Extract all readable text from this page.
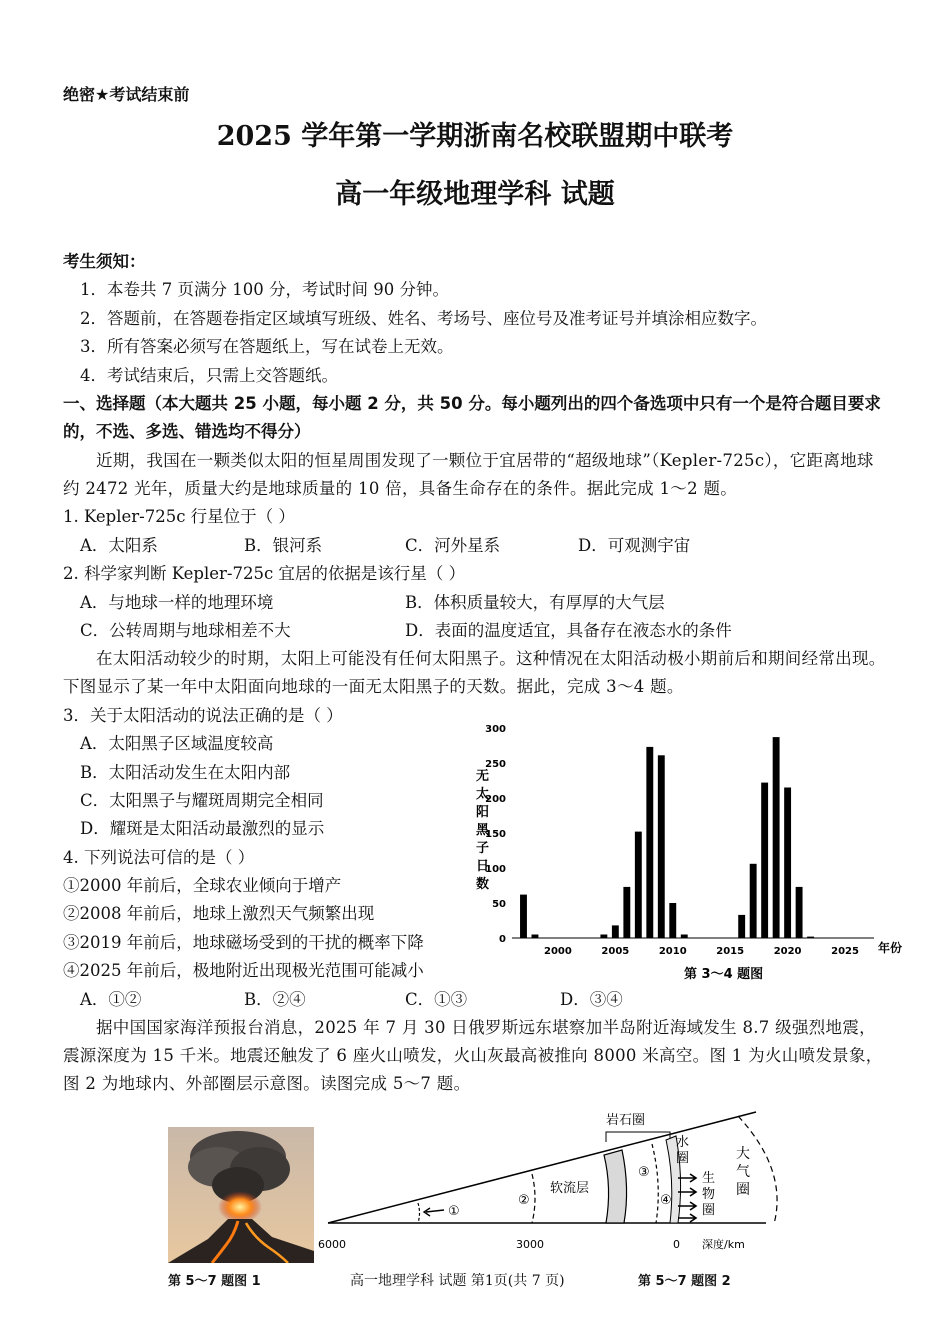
绝密★考试结束前
2025 学年第一学期浙南名校联盟期中联考
高一年级地理学科 试题
考生须知：
1．本卷共 7 页满分 100 分，考试时间 90 分钟。
2．答题前，在答题卷指定区域填写班级、姓名、考场号、座位号及准考证号并填涂相应数字。
3．所有答案必须写在答题纸上，写在试卷上无效。
4．考试结束后，只需上交答题纸。
一、选择题（本大题共 25 小题，每小题 2 分，共 50 分。每小题列出的四个备选项中只有一个是符合题目要求的，不选、多选、错选均不得分）
近期，我国在一颗类似太阳的恒星周围发现了一颗位于宜居带的“超级地球”（Kepler-725c），它距离地球约 2472 光年，质量大约是地球质量的 10 倍，具备生命存在的条件。据此完成 1～2 题。
1. Kepler-725c 行星位于（ ）
A．太阳系	B．银河系	C．河外星系	D．可观测宇宙
2. 科学家判断 Kepler-725c 宜居的依据是该行星（ ）
A．与地球一样的地理环境	B．体积质量较大，有厚厚的大气层
C．公转周期与地球相差不大	D．表面的温度适宜，具备存在液态水的条件
在太阳活动较少的时期，太阳上可能没有任何太阳黑子。这种情况在太阳活动极小期前后和期间经常出现。下图显示了某一年中太阳面向地球的一面无太阳黑子的天数。据此，完成 3～4 题。
3．关于太阳活动的说法正确的是（ ）
A．太阳黑子区域温度较高
B．太阳活动发生在太阳内部
C．太阳黑子与耀斑周期完全相同
D．耀斑是太阳活动最激烈的显示
4. 下列说法可信的是（ ）
①2000 年前后，全球农业倾向于增产
②2008 年前后，地球上激烈天气频繁出现
③2019 年前后，地球磁场受到的干扰的概率下降
④2025 年前后，极地附近出现极光范围可能减小
A．①②	B．②④	C．①③	D．③④
无
太
阳
黑
子
日
数
0
50
100
150
200
250
300
2000	2005	2010	2015	2020	2025 年份
第 3～4 题图
据中国国家海洋预报台消息，2025 年 7 月 30 日俄罗斯远东堪察加半岛附近海域发生 8.7 级强烈地震，震源深度为 15 千米。地震还触发了 6 座火山喷发，火山灰最高被推向 8000 米高空。图 1 为火山喷发景象，图 2 为地球内、外部圈层示意图。读图完成 5～7 题。
第 5～7 题图 1
岩石圈
软流层
水
圈
生
物
圈
大
气
圈
①
②
③
④
6000	3000	0 深度/km
第 5～7 题图 2
高一地理学科 试题 第1页(共 7 页)
